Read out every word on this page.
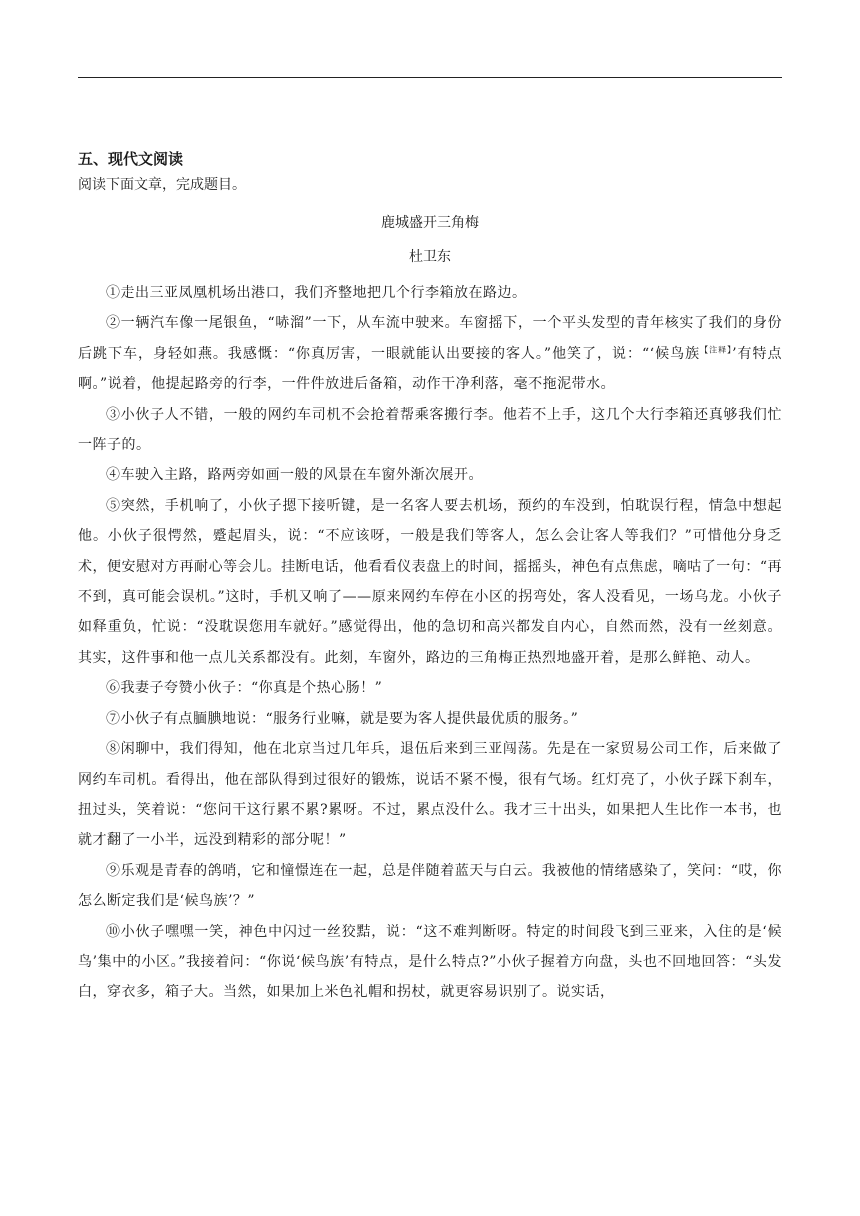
五、现代文阅读

阅读下面文章，完成题目。

鹿城盛开三角梅

杜卫东

①走出三亚凤凰机场出港口，我们齐整地把几个行李箱放在路边。

②一辆汽车像一尾银鱼，“哧溜”一下，从车流中驶来。车窗摇下，一个平头发型的青年核实了我们的身份后跳下车，身轻如燕。我感慨：“你真厉害，一眼就能认出要接的客人。”他笑了，说：“‘候鸟族$^{【注释】}$’有特点啊。”说着，他提起路旁的行李，一件件放进后备箱，动作干净利落，毫不拖泥带水。

③小伙子人不错，一般的网约车司机不会抢着帮乘客搬行李。他若不上手，这几个大行李箱还真够我们忙一阵子的。

④车驶入主路，路两旁如画一般的风景在车窗外渐次展开。

⑤突然，手机响了，小伙子摁下接听键，是一名客人要去机场，预约的车没到，怕耽误行程，情急中想起他。小伙子很愕然，蹙起眉头，说：“不应该呀，一般是我们等客人，怎么会让客人等我们？”可惜他分身乏术，便安慰对方再耐心等会儿。挂断电话，他看看仪表盘上的时间，摇摇头，神色有点焦虑，嘀咕了一句：“再不到，真可能会误机。”这时，手机又响了——原来网约车停在小区的拐弯处，客人没看见，一场乌龙。小伙子如释重负，忙说：“没耽误您用车就好。”感觉得出，他的急切和高兴都发自内心，自然而然，没有一丝刻意。其实，这件事和他一点儿关系都没有。此刻，车窗外，路边的三角梅正热烈地盛开着，是那么鲜艳、动人。

⑥我妻子夸赞小伙子：“你真是个热心肠！”

⑦小伙子有点腼腆地说：“服务行业嘛，就是要为客人提供最优质的服务。”

⑧闲聊中，我们得知，他在北京当过几年兵，退伍后来到三亚闯荡。先是在一家贸易公司工作，后来做了网约车司机。看得出，他在部队得到过很好的锻炼，说话不紧不慢，很有气场。红灯亮了，小伙子踩下刹车，扭过头，笑着说：“您问干这行累不累?累呀。不过，累点没什么。我才三十出头，如果把人生比作一本书，也就才翻了一小半，远没到精彩的部分呢！”

⑨乐观是青春的鸽哨，它和憧憬连在一起，总是伴随着蓝天与白云。我被他的情绪感染了，笑问：“哎，你怎么断定我们是‘候鸟族’？”

⑩小伙子嘿嘿一笑，神色中闪过一丝狡黠，说：“这不难判断呀。特定的时间段飞到三亚来，入住的是‘候鸟’集中的小区。”我接着问：“你说‘候鸟族’有特点，是什么特点?”小伙子握着方向盘，头也不回地回答：“头发白，穿衣多，箱子大。当然，如果加上米色礼帽和拐杖，就更容易识别了。说实话，
